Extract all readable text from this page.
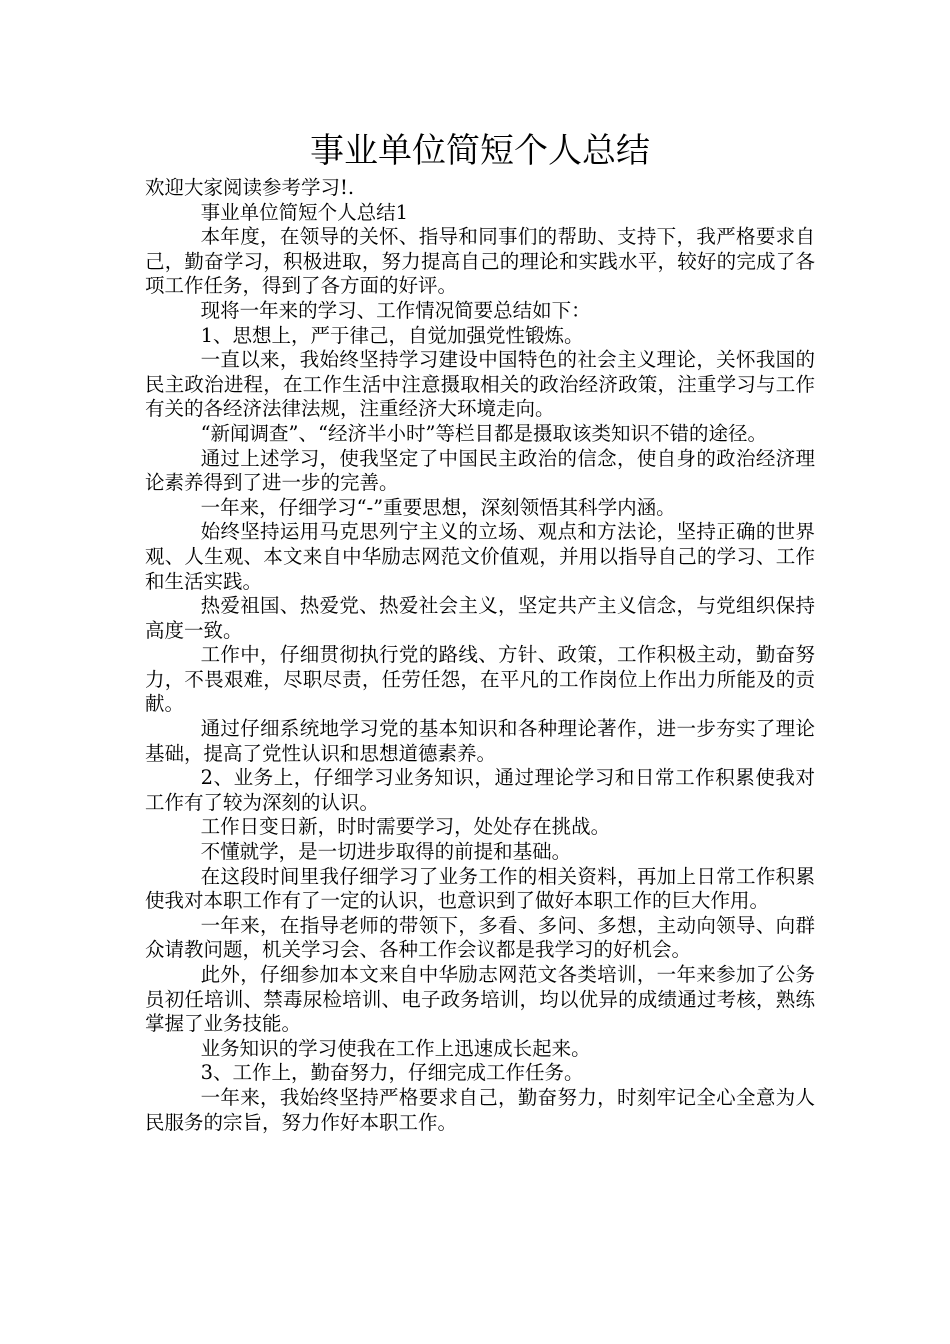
事业单位简短个人总结

欢迎大家阅读参考学习!.

事业单位简短个人总结1

本年度，在领导的关怀、指导和同事们的帮助、支持下，我严格要求自己，勤奋学习，积极进取，努力提高自己的理论和实践水平，较好的完成了各项工作任务，得到了各方面的好评。

现将一年来的学习、工作情况简要总结如下：

1、思想上，严于律己，自觉加强党性锻炼。

一直以来，我始终坚持学习建设中国特色的社会主义理论，关怀我国的民主政治进程，在工作生活中注意摄取相关的政治经济政策，注重学习与工作有关的各经济法律法规，注重经济大环境走向。

“新闻调查”、“经济半小时”等栏目都是摄取该类知识不错的途径。

通过上述学习，使我坚定了中国民主政治的信念，使自身的政治经济理论素养得到了进一步的完善。

一年来，仔细学习“-”重要思想，深刻领悟其科学内涵。

始终坚持运用马克思列宁主义的立场、观点和方法论，坚持正确的世界观、人生观、本文来自中华励志网范文价值观，并用以指导自己的学习、工作和生活实践。

热爱祖国、热爱党、热爱社会主义，坚定共产主义信念，与党组织保持高度一致。

工作中，仔细贯彻执行党的路线、方针、政策，工作积极主动，勤奋努力，不畏艰难，尽职尽责，任劳任怨，在平凡的工作岗位上作出力所能及的贡献。

通过仔细系统地学习党的基本知识和各种理论著作，进一步夯实了理论基础，提高了党性认识和思想道德素养。

2、业务上，仔细学习业务知识，通过理论学习和日常工作积累使我对工作有了较为深刻的认识。

工作日变日新，时时需要学习，处处存在挑战。

不懂就学，是一切进步取得的前提和基础。

在这段时间里我仔细学习了业务工作的相关资料，再加上日常工作积累使我对本职工作有了一定的认识，也意识到了做好本职工作的巨大作用。

一年来，在指导老师的带领下，多看、多问、多想，主动向领导、向群众请教问题，机关学习会、各种工作会议都是我学习的好机会。

此外，仔细参加本文来自中华励志网范文各类培训，一年来参加了公务员初任培训、禁毒尿检培训、电子政务培训，均以优异的成绩通过考核，熟练掌握了业务技能。

业务知识的学习使我在工作上迅速成长起来。

3、工作上，勤奋努力，仔细完成工作任务。

一年来，我始终坚持严格要求自己，勤奋努力，时刻牢记全心全意为人民服务的宗旨，努力作好本职工作。
